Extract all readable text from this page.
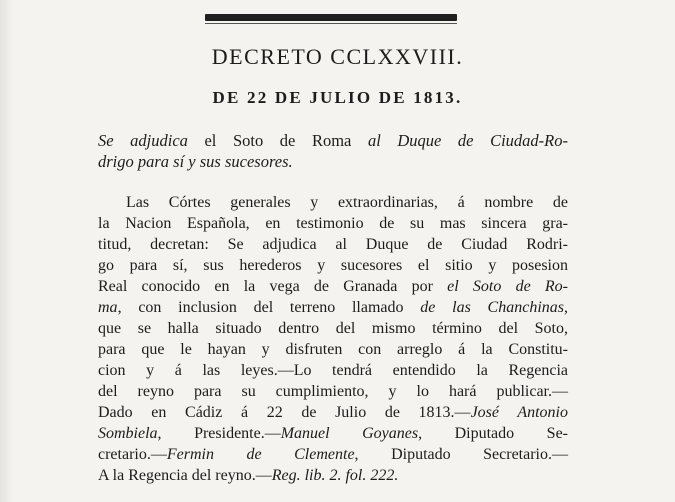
DECRETO CCLXXVIII.
DE 22 DE JULIO DE 1813.
Se adjudica el Soto de Roma al Duque de Ciudad-Ro-
drigo para sí y sus sucesores.
Las Córtes generales y extraordinarias, á nombre de
la Nacion Española, en testimonio de su mas sincera gra-
titud, decretan: Se adjudica al Duque de Ciudad Rodri-
go para sí, sus herederos y sucesores el sitio y posesion
Real conocido en la vega de Granada por el Soto de Ro-
ma, con inclusion del terreno llamado de las Chanchinas,
que se halla situado dentro del mismo término del Soto,
para que le hayan y disfruten con arreglo á la Constitu-
cion y á las leyes.—Lo tendrá entendido la Regencia
del reyno para su cumplimiento, y lo hará publicar.—
Dado en Cádiz á 22 de Julio de 1813.—José Antonio
Sombiela, Presidente.—Manuel Goyanes, Diputado Se-
cretario.—Fermin de Clemente, Diputado Secretario.—
A la Regencia del reyno.—Reg. lib. 2. fol. 222.
